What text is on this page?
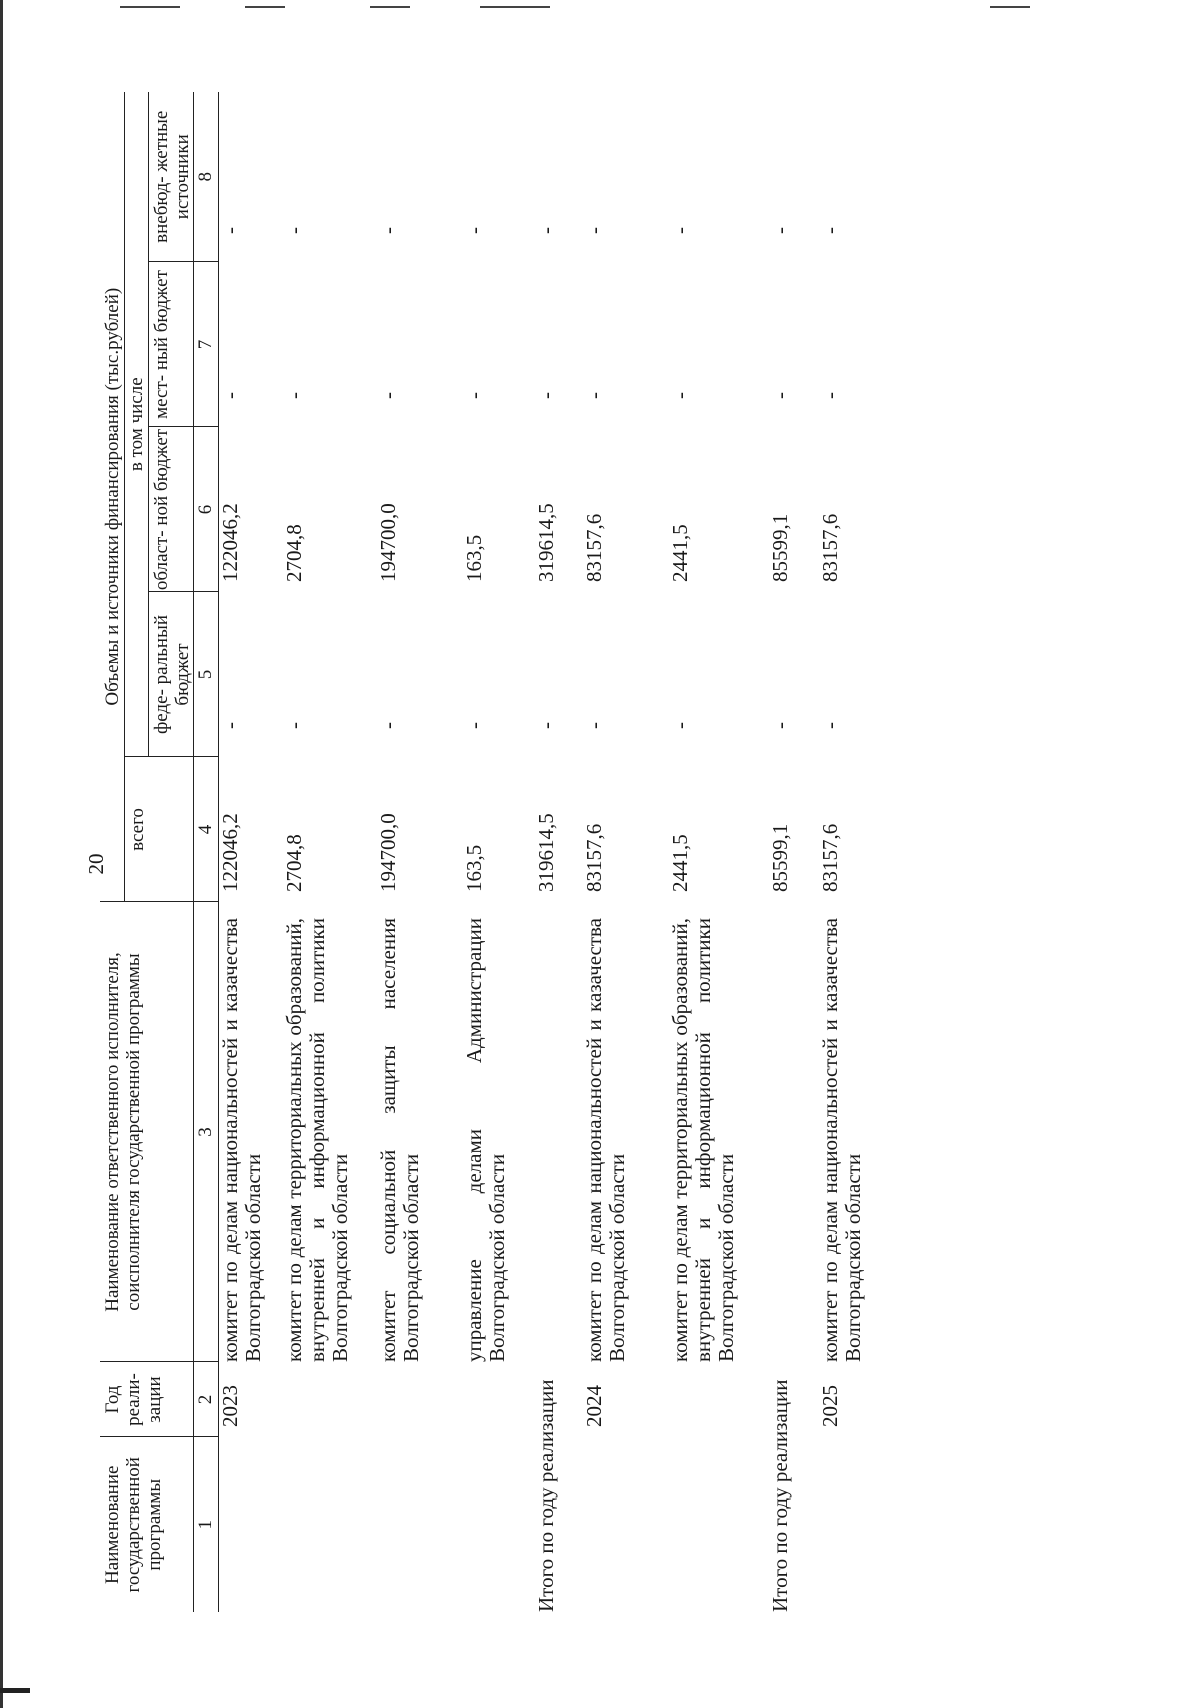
20
Наименование государственной программы	Год реали- зации	Наименование ответственного исполнителя, соисполнителя государственной программы	Объемы и источники финансирования (тыс.рублей)				
			всего	в том числе			
				феде- ральный бюджет	област- ной бюджет	мест- ный бюджет	внебюд- жетные источники
1	2	3	4	5	6	7	8
	2023	комитет по делам национальностей и казачества Волгоградской области	122046,2	-	122046,2	-	-
		комитет по делам территориальных образований, внутренней и информационной политики Волгоградской области	2704,8	-	2704,8	-	-
		комитет социальной защиты населения Волгоградской области	194700,0	-	194700,0	-	-
		управление делами Администрации Волгоградской области	163,5	-	163,5	-	-
Итого по году реализации			319614,5	-	319614,5	-	-
	2024	комитет по делам национальностей и казачества Волгоградской области	83157,6	-	83157,6	-	-
		комитет по делам территориальных образований, внутренней и информационной политики Волгоградской области	2441,5	-	2441,5	-	-
Итого по году реализации			85599,1	-	85599,1	-	-
	2025	комитет по делам национальностей и казачества Волгоградской области	83157,6	-	83157,6	-	-
